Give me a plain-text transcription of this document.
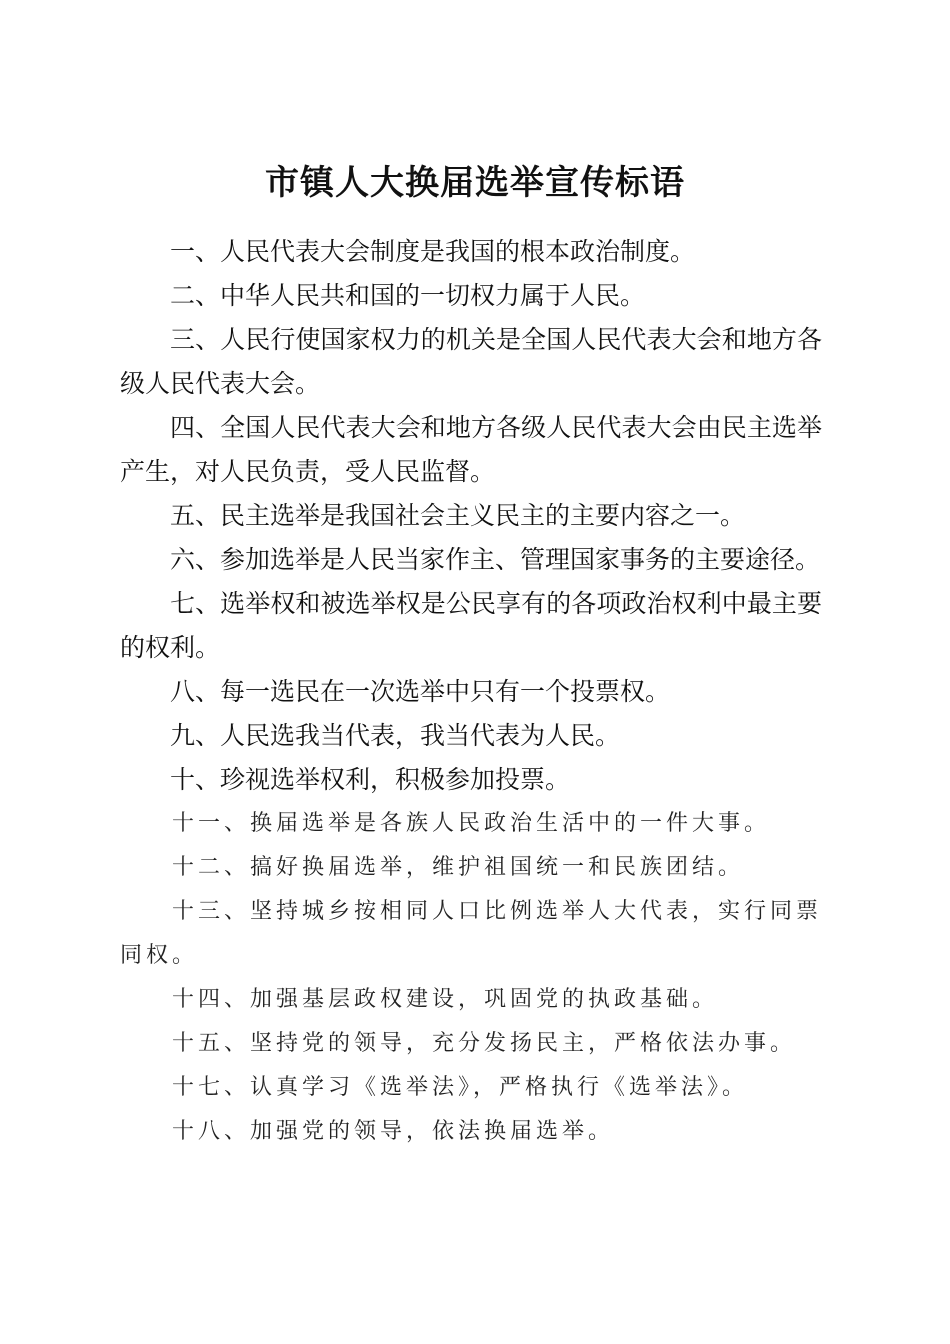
市镇人大换届选举宣传标语

一、人民代表大会制度是我国的根本政治制度。

二、中华人民共和国的一切权力属于人民。

三、人民行使国家权力的机关是全国人民代表大会和地方各级人民代表大会。

四、全国人民代表大会和地方各级人民代表大会由民主选举产生，对人民负责，受人民监督。

五、民主选举是我国社会主义民主的主要内容之一。

六、参加选举是人民当家作主、管理国家事务的主要途径。

七、选举权和被选举权是公民享有的各项政治权利中最主要的权利。

八、每一选民在一次选举中只有一个投票权。

九、人民选我当代表，我当代表为人民。

十、珍视选举权利，积极参加投票。

十一、换届选举是各族人民政治生活中的一件大事。

十二、搞好换届选举，维护祖国统一和民族团结。

十三、坚持城乡按相同人口比例选举人大代表，实行同票同权。

十四、加强基层政权建设，巩固党的执政基础。

十五、坚持党的领导，充分发扬民主，严格依法办事。

十七、认真学习《选举法》，严格执行《选举法》。

十八、加强党的领导，依法换届选举。
